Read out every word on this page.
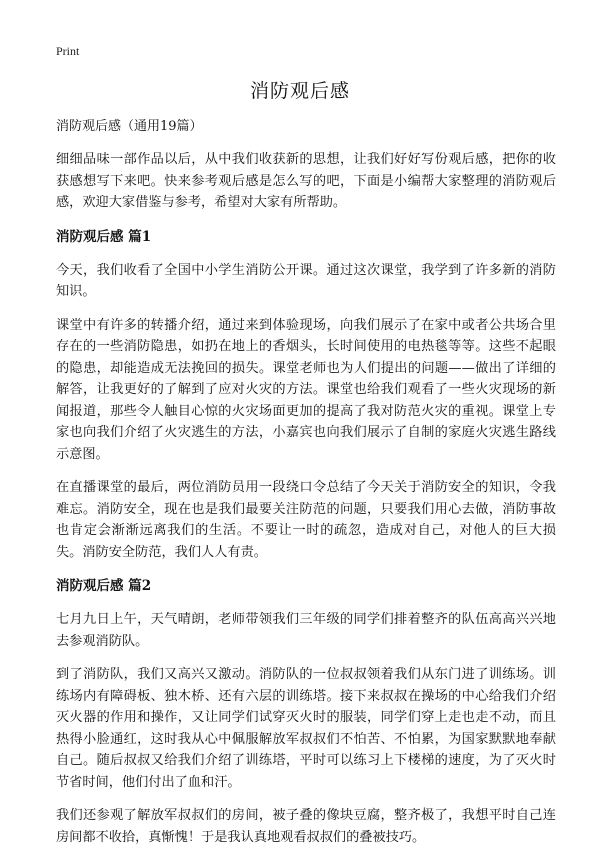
Print
消防观后感

消防观后感（通用19篇）

细细品味一部作品以后，从中我们收获新的思想，让我们好好写份观后感，把你的收获感想写下来吧。快来参考观后感是怎么写的吧，下面是小编帮大家整理的消防观后感，欢迎大家借鉴与参考，希望对大家有所帮助。

消防观后感 篇1

今天，我们收看了全国中小学生消防公开课。通过这次课堂，我学到了许多新的消防知识。

课堂中有许多的转播介绍，通过来到体验现场，向我们展示了在家中或者公共场合里存在的一些消防隐患，如扔在地上的香烟头，长时间使用的电热毯等等。这些不起眼的隐患，却能造成无法挽回的损失。课堂老师也为人们提出的问题——做出了详细的解答，让我更好的了解到了应对火灾的方法。课堂也给我们观看了一些火灾现场的新闻报道，那些令人触目心惊的火灾场面更加的提高了我对防范火灾的重视。课堂上专家也向我们介绍了火灾逃生的方法，小嘉宾也向我们展示了自制的家庭火灾逃生路线示意图。

在直播课堂的最后，两位消防员用一段绕口令总结了今天关于消防安全的知识，令我难忘。消防安全，现在也是我们最要关注防范的问题，只要我们用心去做，消防事故也肯定会渐渐远离我们的生活。不要让一时的疏忽，造成对自己，对他人的巨大损失。消防安全防范，我们人人有责。

消防观后感 篇2

七月九日上午，天气晴朗，老师带领我们三年级的同学们排着整齐的队伍高高兴兴地去参观消防队。

到了消防队，我们又高兴又激动。消防队的一位叔叔领着我们从东门进了训练场。训练场内有障碍板、独木桥、还有六层的训练塔。接下来叔叔在操场的中心给我们介绍灭火器的作用和操作，又让同学们试穿灭火时的服装，同学们穿上走也走不动，而且热得小脸通红，这时我从心中佩服解放军叔叔们不怕苦、不怕累，为国家默默地奉献自己。随后叔叔又给我们介绍了训练塔，平时可以练习上下楼梯的速度，为了灭火时节省时间，他们付出了血和汗。

我们还参观了解放军叔叔们的房间，被子叠的像块豆腐，整齐极了，我想平时自己连房间都不收拾，真惭愧！于是我认真地观看叔叔们的叠被技巧。
